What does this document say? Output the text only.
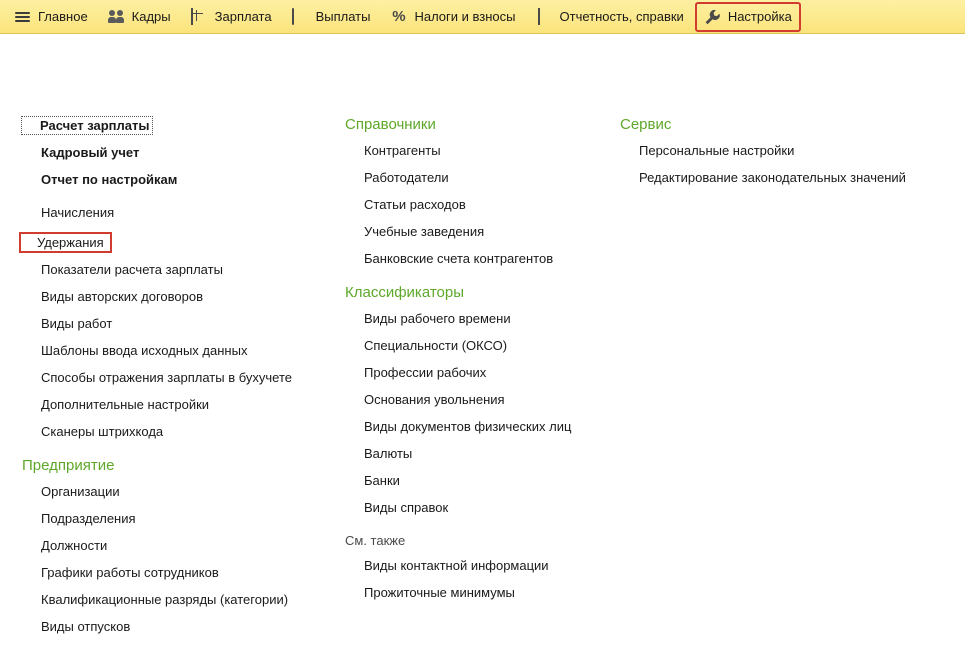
Главное	Кадры	Зарплата	Выплаты % Налоги и взносы	Отчетность, справки	Настройка
Расчет зарплаты
Кадровый учет
Отчет по настройкам
Начисления
Удержания
Показатели расчета зарплаты
Виды авторских договоров
Виды работ
Шаблоны ввода исходных данных
Способы отражения зарплаты в бухучете
Дополнительные настройки
Сканеры штрихкода
Предприятие
Организации
Подразделения
Должности
Графики работы сотрудников
Квалификационные разряды (категории)
Виды отпусков
Справочники
Контрагенты
Работодатели
Статьи расходов
Учебные заведения
Банковские счета контрагентов
Классификаторы
Виды рабочего времени
Специальности (ОКСО)
Профессии рабочих
Основания увольнения
Виды документов физических лиц
Валюты
Банки
Виды справок
См. также
Виды контактной информации
Прожиточные минимумы
Сервис
Персональные настройки
Редактирование законодательных значений
